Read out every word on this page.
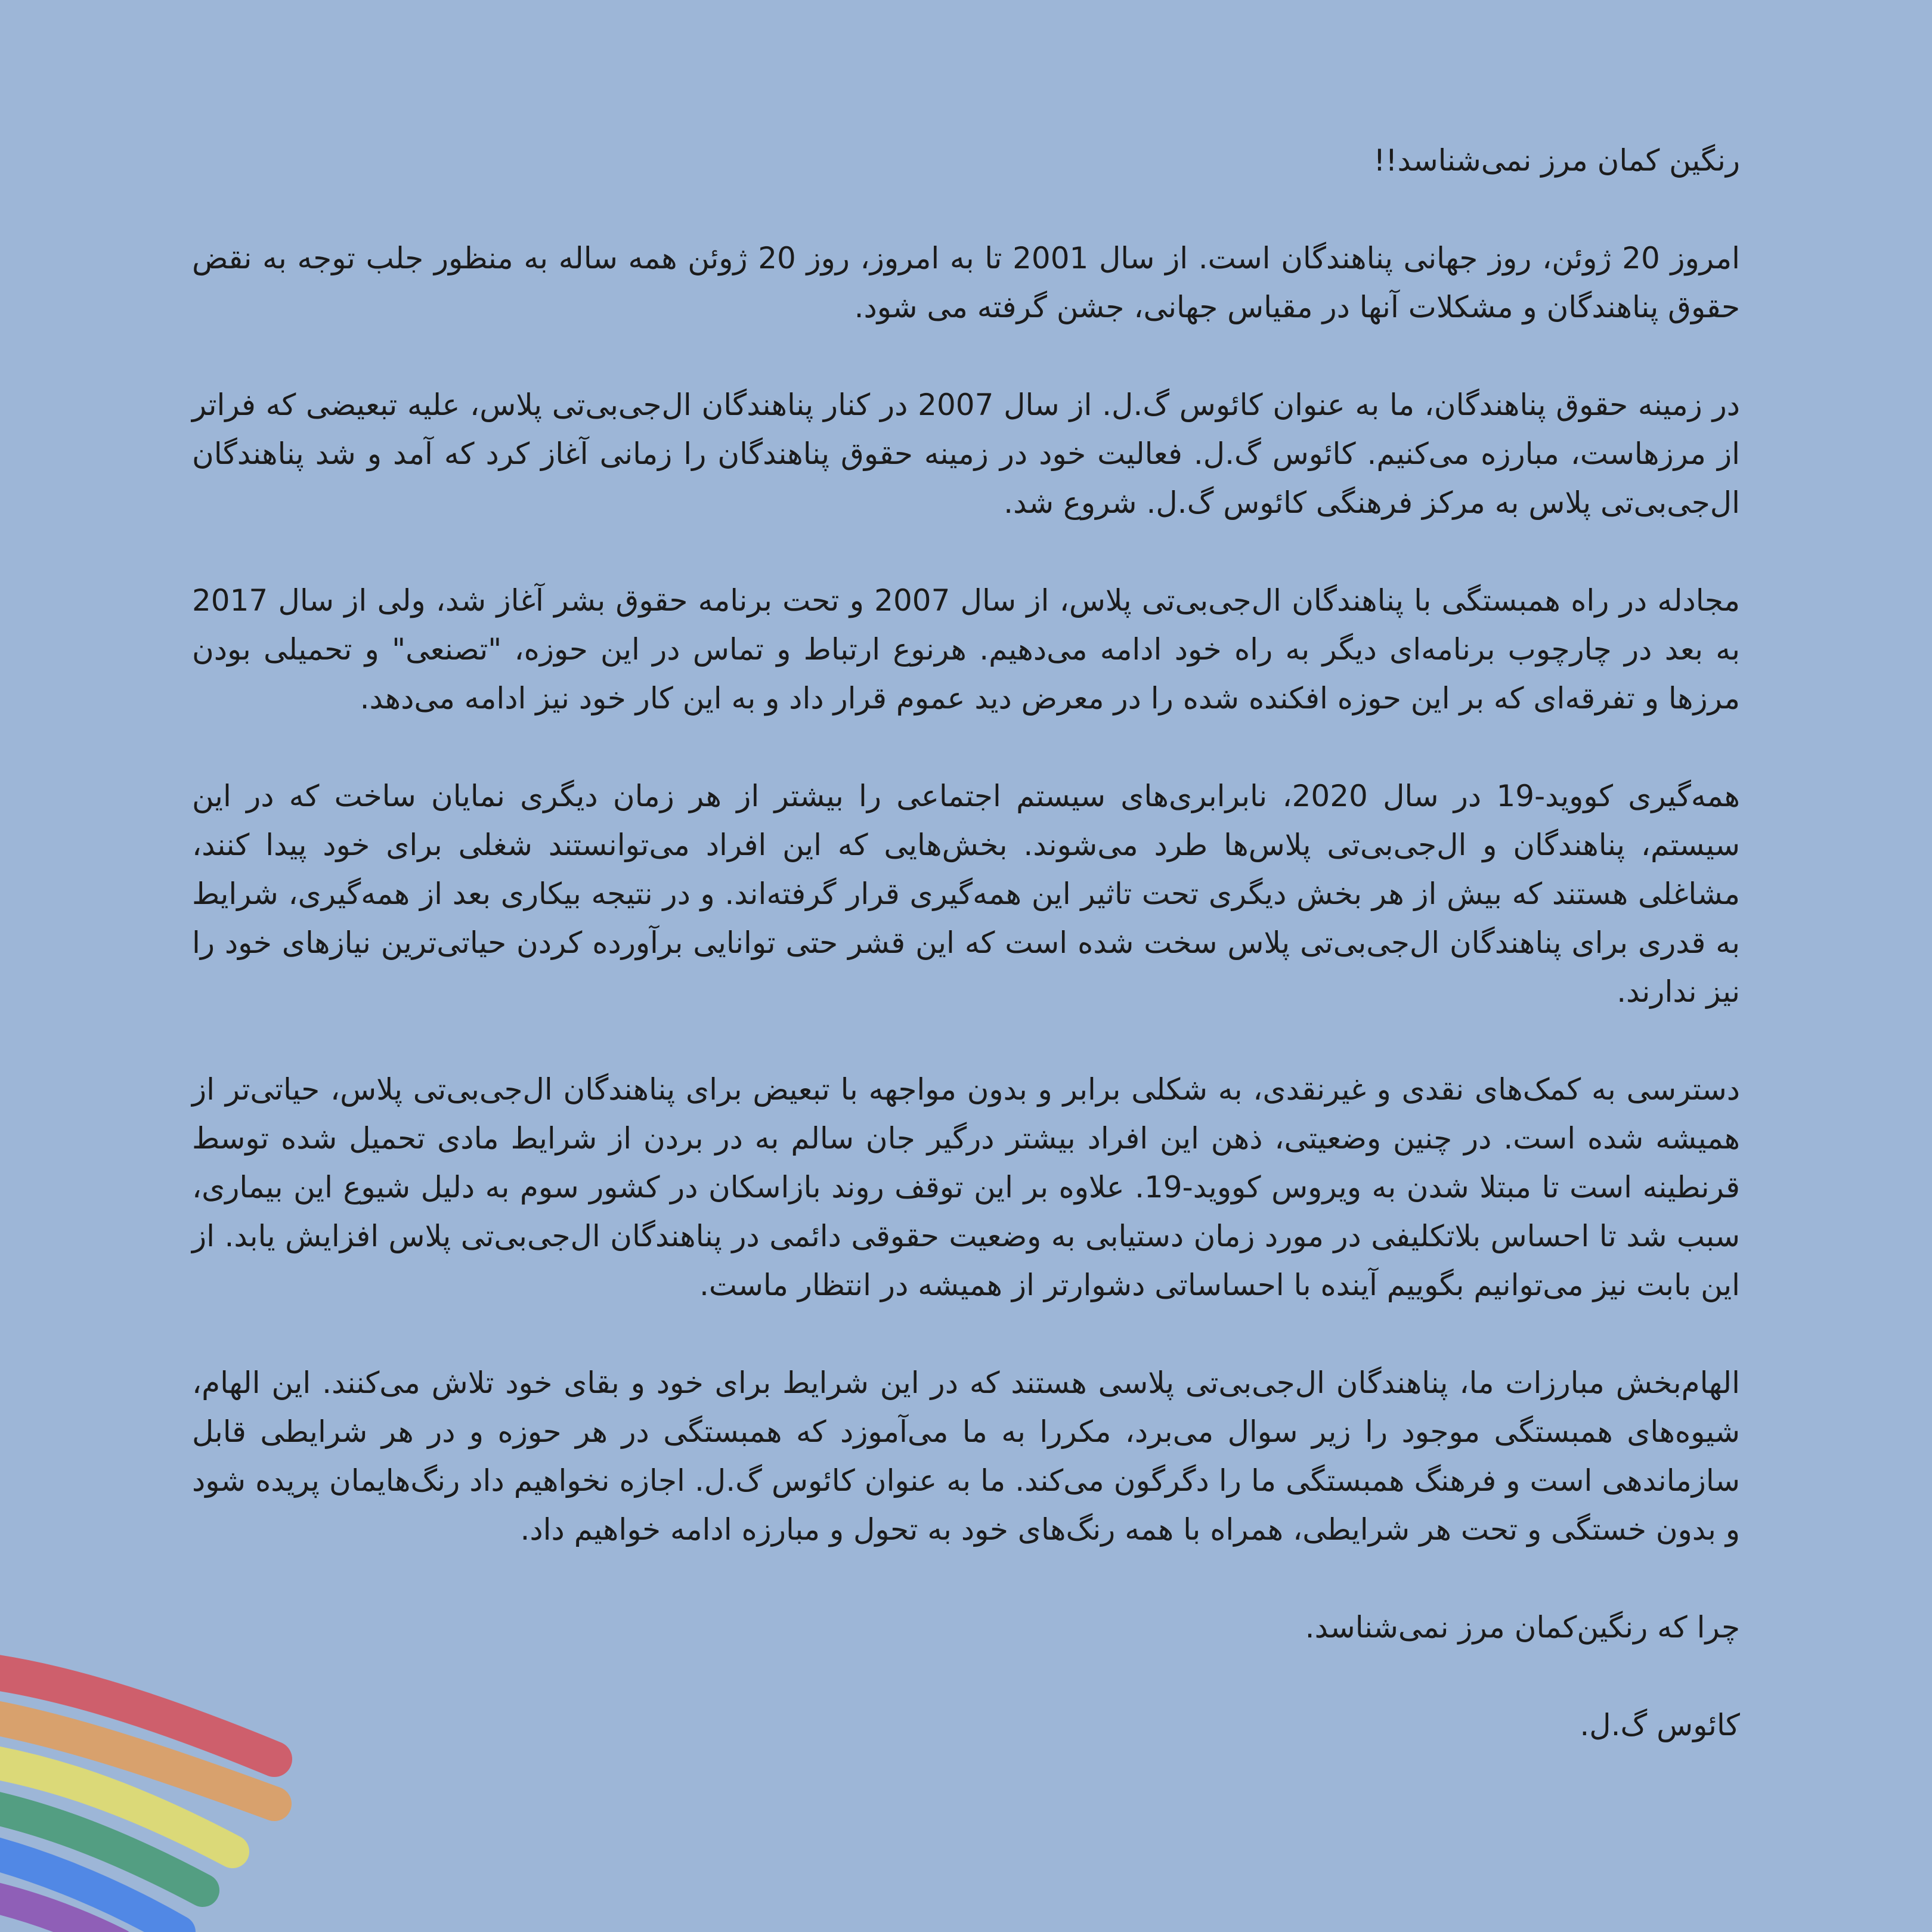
رنگین کمان مرز نمی‌شناسد!!

امروز 20 ژوئن، روز جهانی پناهندگان است. از سال 2001 تا به امروز، روز 20 ژوئن همه ساله به منظور جلب توجه به نقض حقوق پناهندگان و مشکلات آنها در مقیاس جهانی، جشن گرفته می شود.

در زمینه حقوق پناهندگان، ما به عنوان کائوس گ.ل. از سال 2007 در کنار پناهندگان ال‌جی‌بی‌تی پلاس، علیه تبعیضی که فراتر از مرزهاست، مبارزه می‌کنیم. کائوس گ.ل. فعالیت خود در زمینه حقوق پناهندگان را زمانی آغاز کرد که آمد و شد پناهندگان ال‌جی‌بی‌تی پلاس به مرکز فرهنگی کائوس گ.ل. شروع شد.

مجادله در راه همبستگی با پناهندگان ال‌جی‌بی‌تی پلاس، از سال 2007 و تحت برنامه حقوق بشر آغاز شد، ولی از سال 2017 به بعد در چارچوب برنامه‌ای دیگر به راه خود ادامه می‌دهیم. هرنوع ارتباط و تماس در این حوزه، "تصنعی" و تحمیلی بودن مرزها و تفرقه‌ای که بر این حوزه افکنده شده را در معرض دید عموم قرار داد و به این کار خود نیز ادامه می‌دهد.

همه‌گیری کووید-19 در سال 2020، نابرابری‌های سیستم اجتماعی را بیشتر از هر زمان دیگری نمایان ساخت که در این سیستم، پناهندگان و ال‌جی‌بی‌تی پلاس‌ها طرد می‌شوند. بخش‌هایی که این افراد می‌توانستند شغلی برای خود پیدا کنند، مشاغلی هستند که بیش از هر بخش دیگری تحت تاثیر این همه‌گیری قرار گرفته‌اند. و در نتیجه بیکاری بعد از همه‌گیری، شرایط به قدری برای پناهندگان ال‌جی‌بی‌تی پلاس سخت شده است که این قشر حتی توانایی برآورده کردن حیاتی‌ترین نیازهای خود را نیز ندارند.

دسترسی به کمک‌های نقدی و غیرنقدی، به شکلی برابر و بدون مواجهه با تبعیض برای پناهندگان ال‌جی‌بی‌تی پلاس، حیاتی‌تر از همیشه شده است. در چنین وضعیتی، ذهن این افراد بیشتر درگیر جان سالم به در بردن از شرایط مادی تحمیل شده توسط قرنطینه است تا مبتلا شدن به ویروس کووید-19. علاوه بر این توقف روند بازاسکان در کشور سوم به دلیل شیوع این بیماری، سبب شد تا احساس بلاتکلیفی در مورد زمان دستیابی به وضعیت حقوقی دائمی در پناهندگان ال‌جی‌بی‌تی پلاس افزایش یابد. از این بابت نیز می‌توانیم بگوییم آینده با احساساتی دشوارتر از همیشه در انتظار ماست.

الهام‌بخش مبارزات ما، پناهندگان ال‌جی‌بی‌تی پلاسی هستند که در این شرایط برای خود و بقای خود تلاش می‌کنند. این الهام، شیوه‌های همبستگی موجود را زیر سوال می‌برد، مکررا به ما می‌آموزد که همبستگی در هر حوزه و در هر شرایطی قابل سازماندهی است و فرهنگ همبستگی ما را دگرگون می‌کند. ما به عنوان کائوس گ.ل. اجازه نخواهیم داد رنگ‌هایمان پریده شود و بدون خستگی و تحت هر شرایطی، همراه با همه رنگ‌های خود به تحول و مبارزه ادامه خواهیم داد.

چرا که رنگین‌کمان مرز نمی‌شناسد.

کائوس گ.ل.
